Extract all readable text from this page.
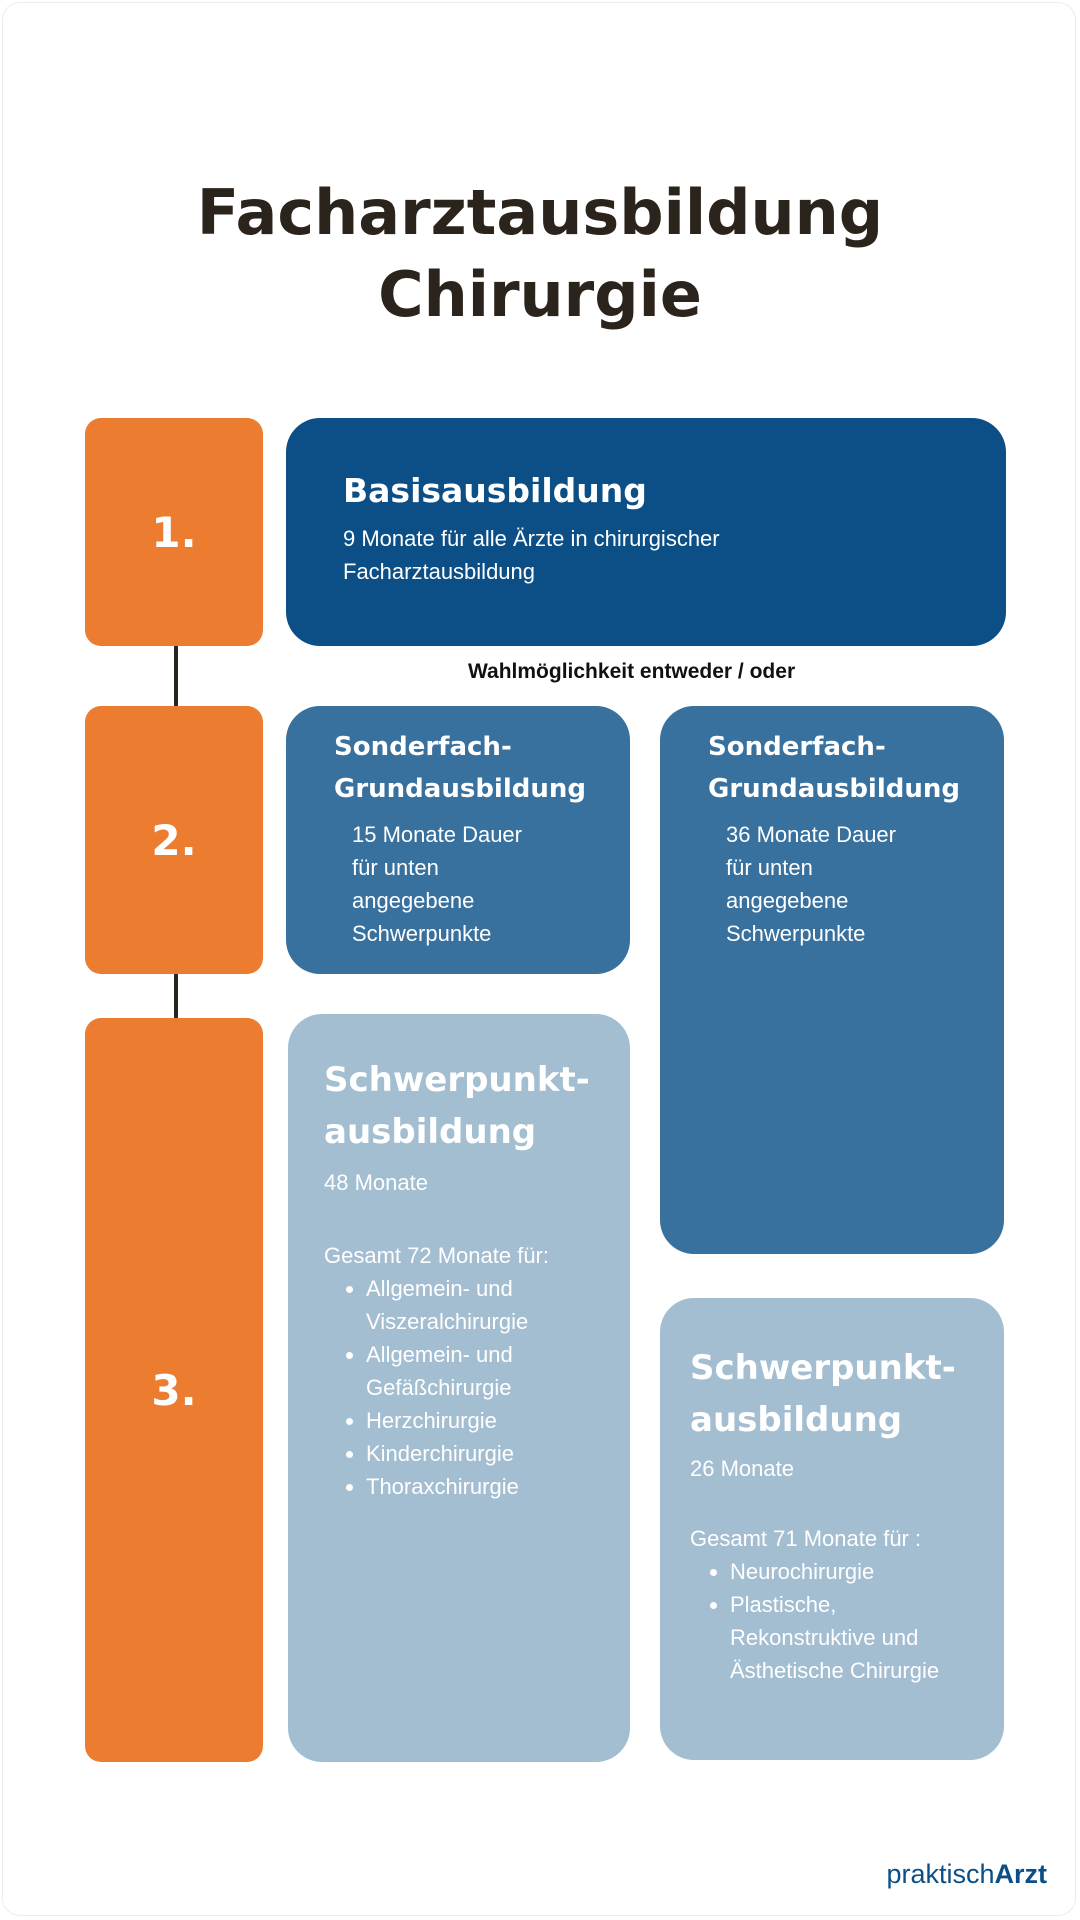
Facharztausbildung
Chirurgie
1.
2.
3.
Basisausbildung
9 Monate für alle Ärzte in chirurgischer
Facharztausbildung
Wahlmöglichkeit entweder / oder
Sonderfach-
Grundausbildung
15 Monate Dauer
für unten
angegebene
Schwerpunkte
Sonderfach-
Grundausbildung
36 Monate Dauer
für unten
angegebene
Schwerpunkte
Schwerpunkt-
ausbildung
48 Monate
Gesamt 72 Monate für:
• Allgemein- und
Viszeralchirurgie
• Allgemein- und
Gefäßchirurgie
• Herzchirurgie
• Kinderchirurgie
• Thoraxchirurgie
Schwerpunkt-
ausbildung
26 Monate
Gesamt 71 Monate für :
• Neurochirurgie
• Plastische,
Rekonstruktive und
Ästhetische Chirurgie
praktischArzt
